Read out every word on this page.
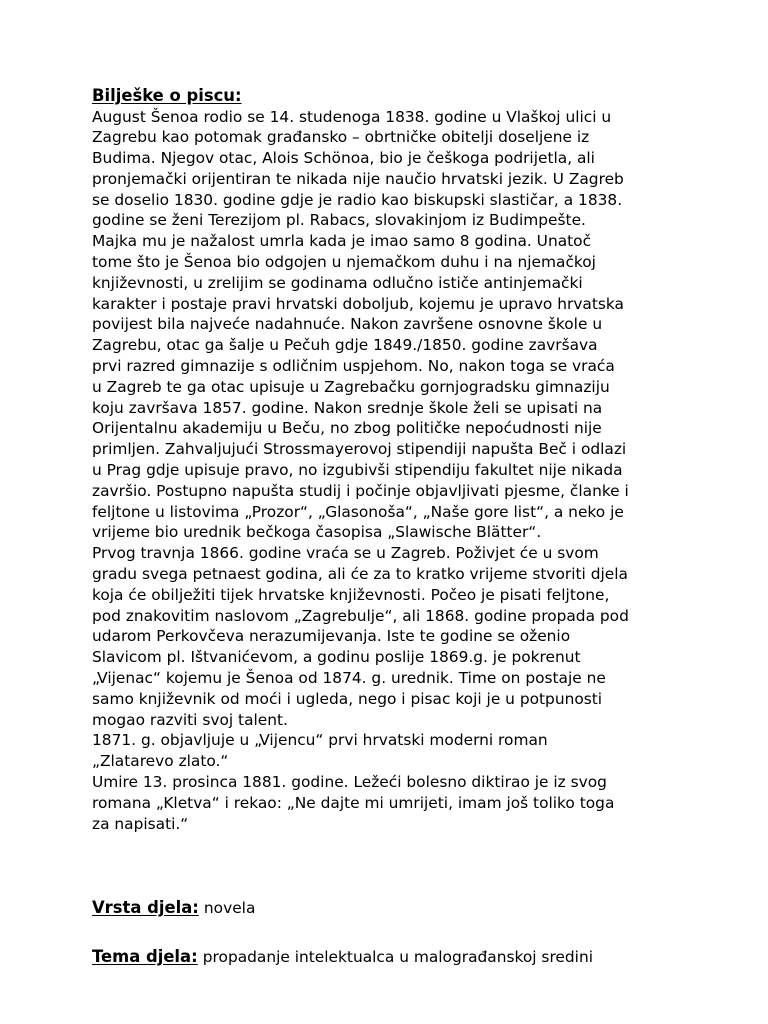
Bilješke o piscu:

August Šenoa rodio se 14. studenoga 1838. godine u Vlaškoj ulici u

Zagrebu kao potomak građansko – obrtničke obitelji doseljene iz

Budima. Njegov otac, Alois Schönoa, bio je češkoga podrijetla, ali

pronjemački orijentiran te nikada nije naučio hrvatski jezik. U Zagreb

se doselio 1830. godine gdje je radio kao biskupski slastičar, a 1838.

godine se ženi Terezijom pl. Rabacs, slovakinjom iz Budimpešte.

Majka mu je nažalost umrla kada je imao samo 8 godina. Unatoč

tome što je Šenoa bio odgojen u njemačkom duhu i na njemačkoj

književnosti, u zrelijim se godinama odlučno ističe antinjemački

karakter i postaje pravi hrvatski doboljub, kojemu je upravo hrvatska

povijest bila najveće nadahnuće. Nakon završene osnovne škole u

Zagrebu, otac ga šalje u Pečuh gdje 1849./1850. godine završava

prvi razred gimnazije s odličnim uspjehom. No, nakon toga se vraća

u Zagreb te ga otac upisuje u Zagrebačku gornjogradsku gimnaziju

koju završava 1857. godine. Nakon srednje škole želi se upisati na

Orijentalnu akademiju u Beču, no zbog političke nepoćudnosti nije

primljen. Zahvaljujući Strossmayerovoj stipendiji napušta Beč i odlazi

u Prag gdje upisuje pravo, no izgubivši stipendiju fakultet nije nikada

završio. Postupno napušta studij i počinje objavljivati pjesme, članke i

feljtone u listovima „Prozor“, „Glasonoša“, „Naše gore list“, a neko je

vrijeme bio urednik bečkoga časopisa „Slawische Blätter“.

Prvog travnja 1866. godine vraća se u Zagreb. Poživjet će u svom

gradu svega petnaest godina, ali će za to kratko vrijeme stvoriti djela

koja će obilježiti tijek hrvatske književnosti. Počeo je pisati feljtone,

pod znakovitim naslovom „Zagrebulje“, ali 1868. godine propada pod

udarom Perkovčeva nerazumijevanja. Iste te godine se oženio

Slavicom pl. Ištvanićevom, a godinu poslije 1869.g. je pokrenut

„Vijenac“ kojemu je Šenoa od 1874. g. urednik. Time on postaje ne

samo književnik od moći i ugleda, nego i pisac koji je u potpunosti

mogao razviti svoj talent.

1871. g. objavljuje u „Vijencu“ prvi hrvatski moderni roman

„Zlatarevo zlato.“

Umire 13. prosinca 1881. godine. Ležeći bolesno diktirao je iz svog

romana „Kletva“ i rekao: „Ne dajte mi umrijeti, imam još toliko toga

za napisati.“

Vrsta djela: novela
Tema djela: propadanje intelektualca u malograđanskoj sredini
